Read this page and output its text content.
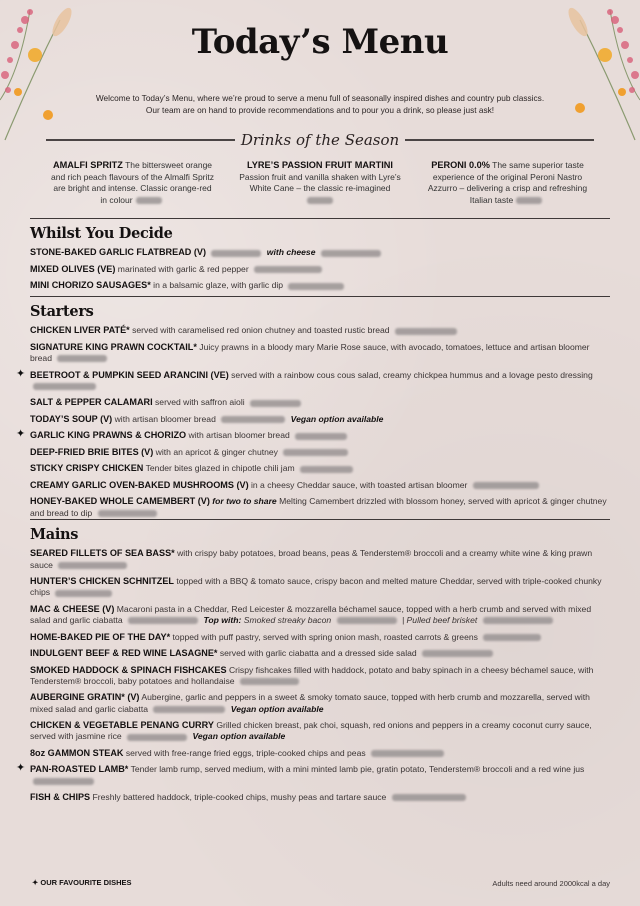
Today’s Menu
Welcome to Today’s Menu, where we’re proud to serve a menu full of seasonally inspired dishes and country pub classics.
Our team are on hand to provide recommendations and to pour you a drink, so please just ask!
Drinks of the Season
AMALFI SPRITZ The bittersweet orange and rich peach flavours of the Almalfi Spritz are bright and intense. Classic orange-red in colour
LYRE’S PASSION FRUIT MARTINI Passion fruit and vanilla shaken with Lyre’s White Cane – the classic re-imagined
PERONI 0.0% The same superior taste experience of the original Peroni Nastro Azzurro – delivering a crisp and refreshing Italian taste
Whilst You Decide
STONE-BAKED GARLIC FLATBREAD (V)	with cheese
MIXED OLIVES (VE) marinated with garlic & red pepper
MINI CHORIZO SAUSAGES* in a balsamic glaze, with garlic dip
Starters
CHICKEN LIVER PATÉ* served with caramelised red onion chutney and toasted rustic bread
SIGNATURE KING PRAWN COCKTAIL* Juicy prawns in a bloody mary Marie Rose sauce, with avocado, tomatoes, lettuce and artisan bloomer bread
✦ BEETROOT & PUMPKIN SEED ARANCINI (VE) served with a rainbow cous cous salad, creamy chickpea hummus and a lovage pesto dressing
SALT & PEPPER CALAMARI served with saffron aioli
TODAY’S SOUP (V) with artisan bloomer bread	Vegan option available
✦ GARLIC KING PRAWNS & CHORIZO with artisan bloomer bread
DEEP-FRIED BRIE BITES (V) with an apricot & ginger chutney
STICKY CRISPY CHICKEN Tender bites glazed in chipotle chili jam
CREAMY GARLIC OVEN-BAKED MUSHROOMS (V) in a cheesy Cheddar sauce, with toasted artisan bloomer
HONEY-BAKED WHOLE CAMEMBERT (V) for two to share Melting Camembert drizzled with blossom honey, served with apricot & ginger chutney and bread to dip
Mains
SEARED FILLETS OF SEA BASS* with crispy baby potatoes, broad beans, peas & Tenderstem® broccoli and a creamy white wine & king prawn sauce
HUNTER’S CHICKEN SCHNITZEL topped with a BBQ & tomato sauce, crispy bacon and melted mature Cheddar, served with triple-cooked chunky chips
MAC & CHEESE (V) Macaroni pasta in a Cheddar, Red Leicester & mozzarella béchamel sauce, topped with a herb crumb and served with mixed salad and garlic ciabatta	Top with: Smoked streaky bacon	| Pulled beef brisket
HOME-BAKED PIE OF THE DAY* topped with puff pastry, served with spring onion mash, roasted carrots & greens
INDULGENT BEEF & RED WINE LASAGNE* served with garlic ciabatta and a dressed side salad
SMOKED HADDOCK & SPINACH FISHCAKES Crispy fishcakes filled with haddock, potato and baby spinach in a cheesy béchamel sauce, with Tenderstem® broccoli, baby potatoes and hollandaise
AUBERGINE GRATIN* (V) Aubergine, garlic and peppers in a sweet & smoky tomato sauce, topped with herb crumb and mozzarella, served with mixed salad and garlic ciabatta	Vegan option available
CHICKEN & VEGETABLE PENANG CURRY Grilled chicken breast, pak choi, squash, red onions and peppers in a creamy coconut curry sauce, served with jasmine rice	Vegan option available
8oz GAMMON STEAK served with free-range fried eggs, triple-cooked chips and peas
✦ PAN-ROASTED LAMB* Tender lamb rump, served medium, with a mini minted lamb pie, gratin potato, Tenderstem® broccoli and a red wine jus
FISH & CHIPS Freshly battered haddock, triple-cooked chips, mushy peas and tartare sauce
✦ OUR FAVOURITE DISHES	Adults need around 2000kcal a day
